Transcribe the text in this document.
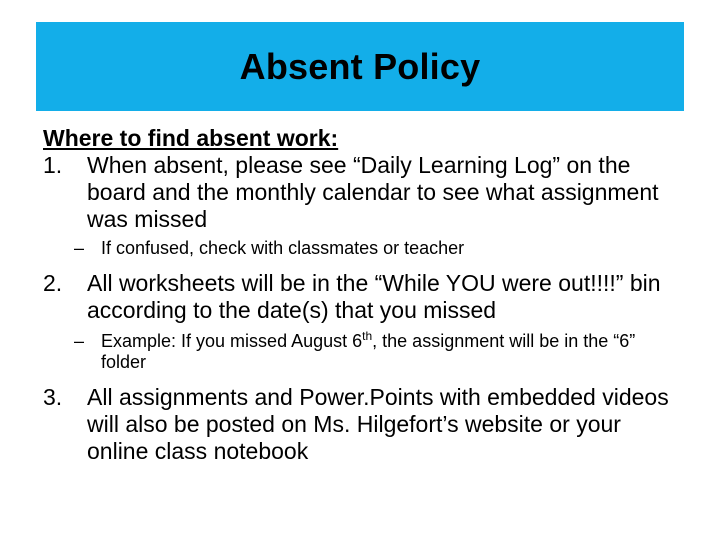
Absent Policy
Where to find absent work:
1.	When absent, please see “Daily Learning Log” on the board and the monthly calendar to see what assignment was missed
– If confused, check with classmates or teacher
2.	All worksheets will be in the “While YOU were out!!!!” bin according to the date(s) that you missed
– Example: If you missed August 6th, the assignment will be in the “6” folder
3.	All assignments and Power.Points with embedded videos will also be posted on Ms. Hilgefort’s website or your online class notebook
